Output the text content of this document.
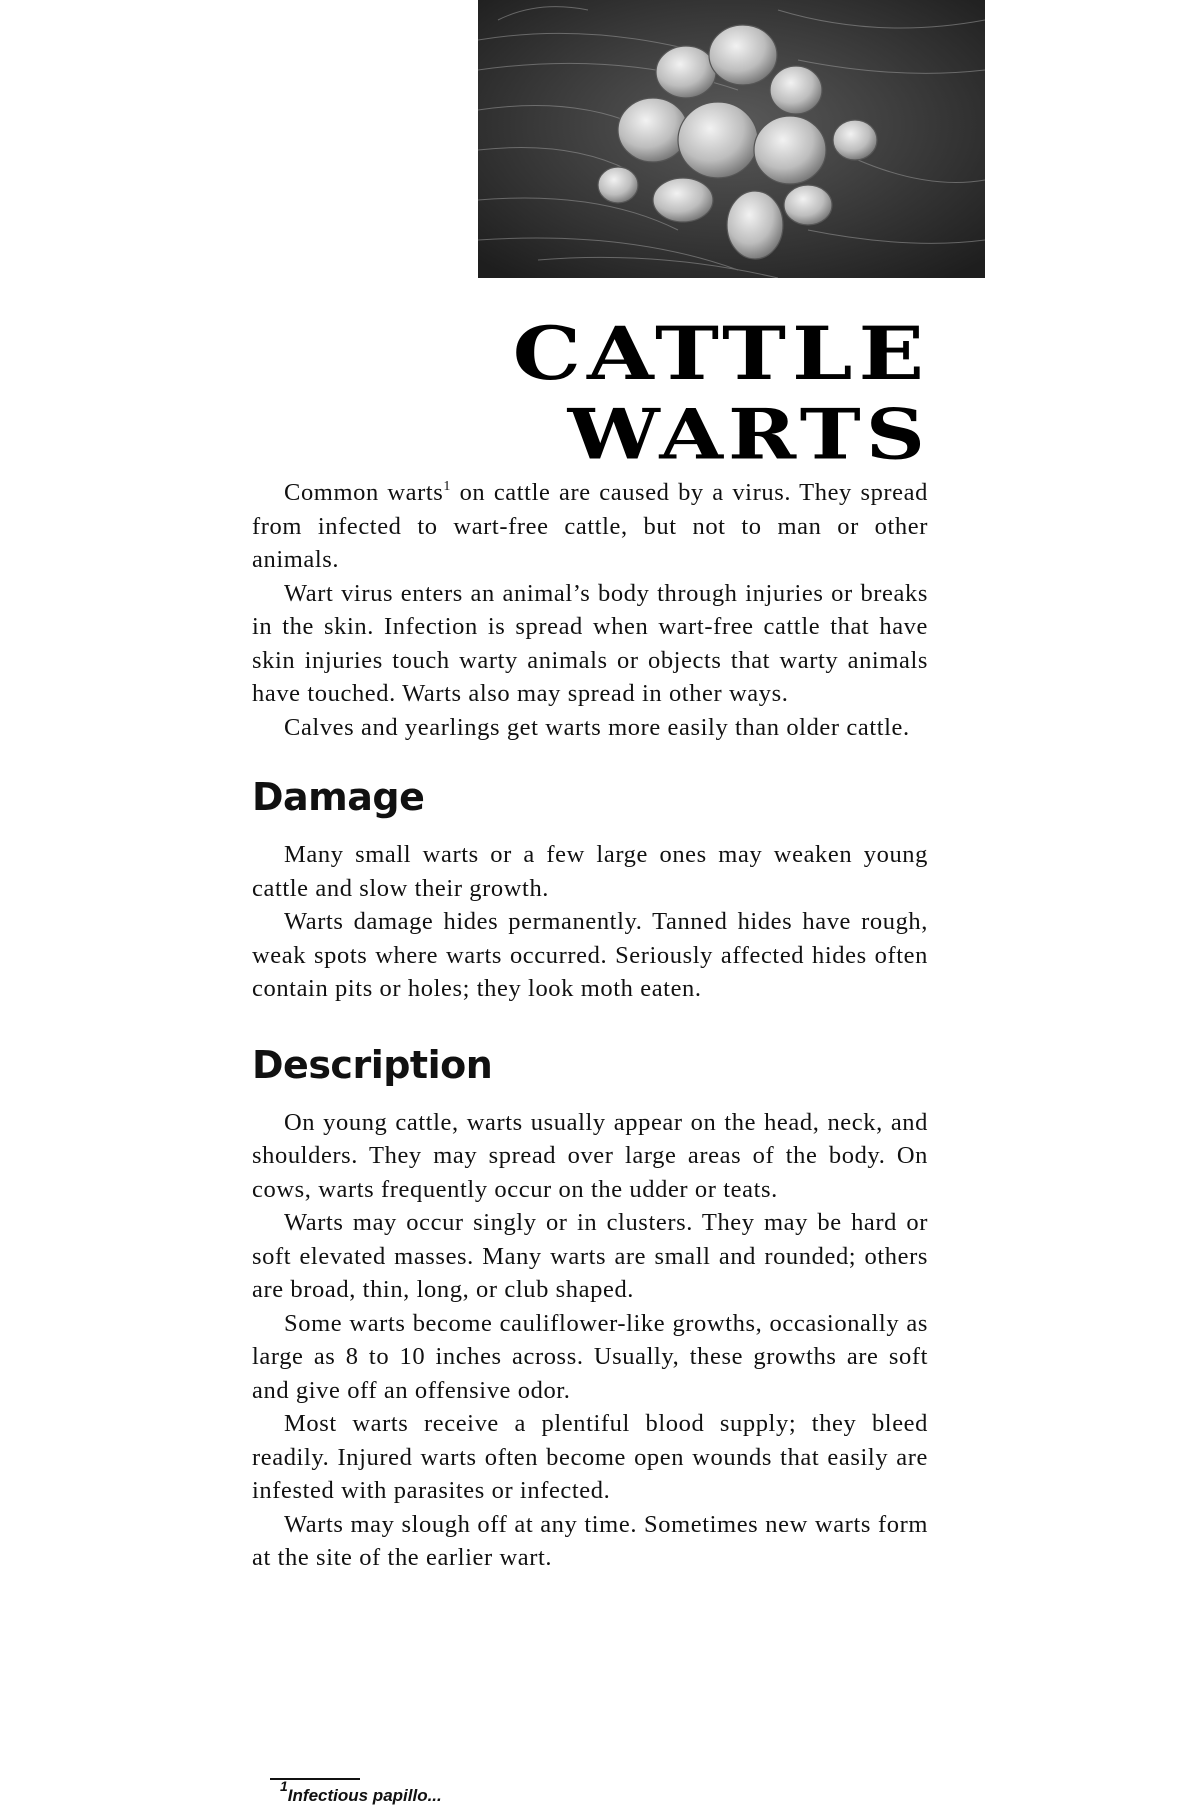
CATTLE
WARTS

Common warts$^1$ on cattle are caused by a virus. They spread from infected to wart-free cattle, but not to man or other animals.

Wart virus enters an animal’s body through injuries or breaks in the skin. Infection is spread when wart-free cattle that have skin injuries touch warty animals or objects that warty animals have touched. Warts also may spread in other ways.

Calves and yearlings get warts more easily than older cattle.

Damage

Many small warts or a few large ones may weaken young cattle and slow their growth.

Warts damage hides permanently. Tanned hides have rough, weak spots where warts occurred. Seriously affected hides often contain pits or holes; they look moth eaten.

Description

On young cattle, warts usually appear on the head, neck, and shoulders. They may spread over large areas of the body. On cows, warts frequently occur on the udder or teats.

Warts may occur singly or in clusters. They may be hard or soft elevated masses. Many warts are small and rounded; others are broad, thin, long, or club shaped.

Some warts become cauliflower-like growths, occasionally as large as 8 to 10 inches across. Usually, these growths are soft and give off an offensive odor.

Most warts receive a plentiful blood supply; they bleed readily. Injured warts often become open wounds that easily are infested with parasites or infected.

Warts may slough off at any time. Sometimes new warts form at the site of the earlier wart.

$^1$Infectious papillo...
